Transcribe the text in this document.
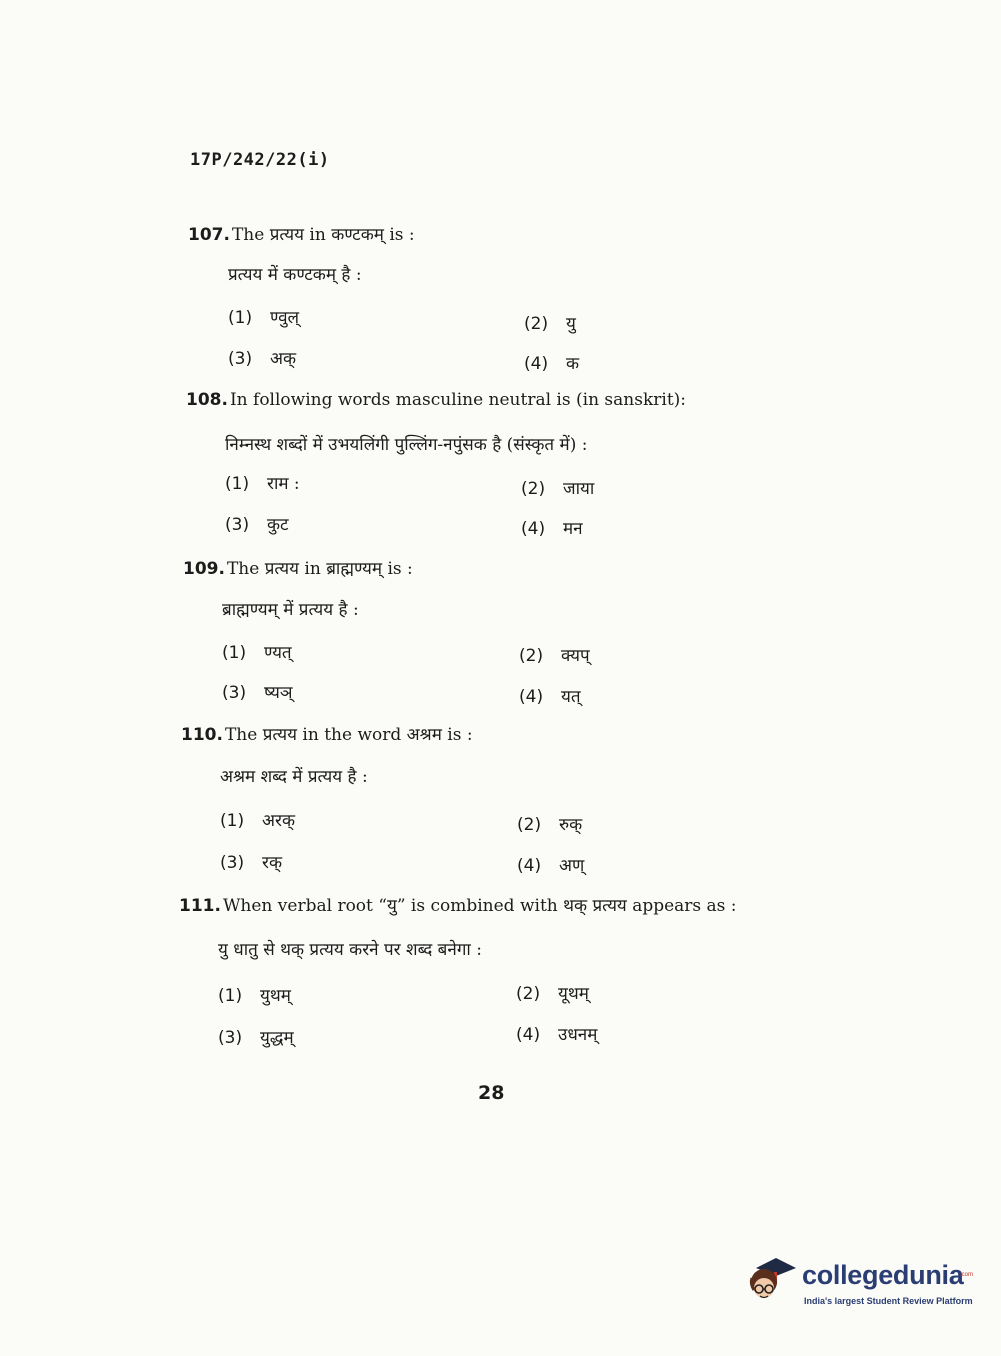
17P/242/22(i)
107. The प्रत्यय in कण्टकम् is :
प्रत्यय में कण्टकम् है :
(1) ण्वुल्	(2) यु
(3) अक्	(4) क
108. In following words masculine neutral is (in sanskrit):
निम्नस्थ शब्दों में उभयलिंगी पुल्लिंग-नपुंसक है (संस्कृत में) :
(1) राम :	(2) जाया
(3) कुट	(4) मन
109. The प्रत्यय in ब्राह्मण्यम् is :
ब्राह्मण्यम् में प्रत्यय है :
(1) ण्यत्	(2) क्यप्
(3) ष्यञ्	(4) यत्
110. The प्रत्यय in the word अश्रम is :
अश्रम शब्द में प्रत्यय है :
(1) अरक्	(2) रुक्
(3) रक्	(4) अण्
111. When verbal root “यु” is combined with थक् प्रत्यय appears as :
यु धातु से थक् प्रत्यय करने पर शब्द बनेगा :
(1) युथम्	(2) यूथम्
(3) युद्धम्	(4) उधनम्
28
collegedunia
.com
India's largest Student Review Platform
